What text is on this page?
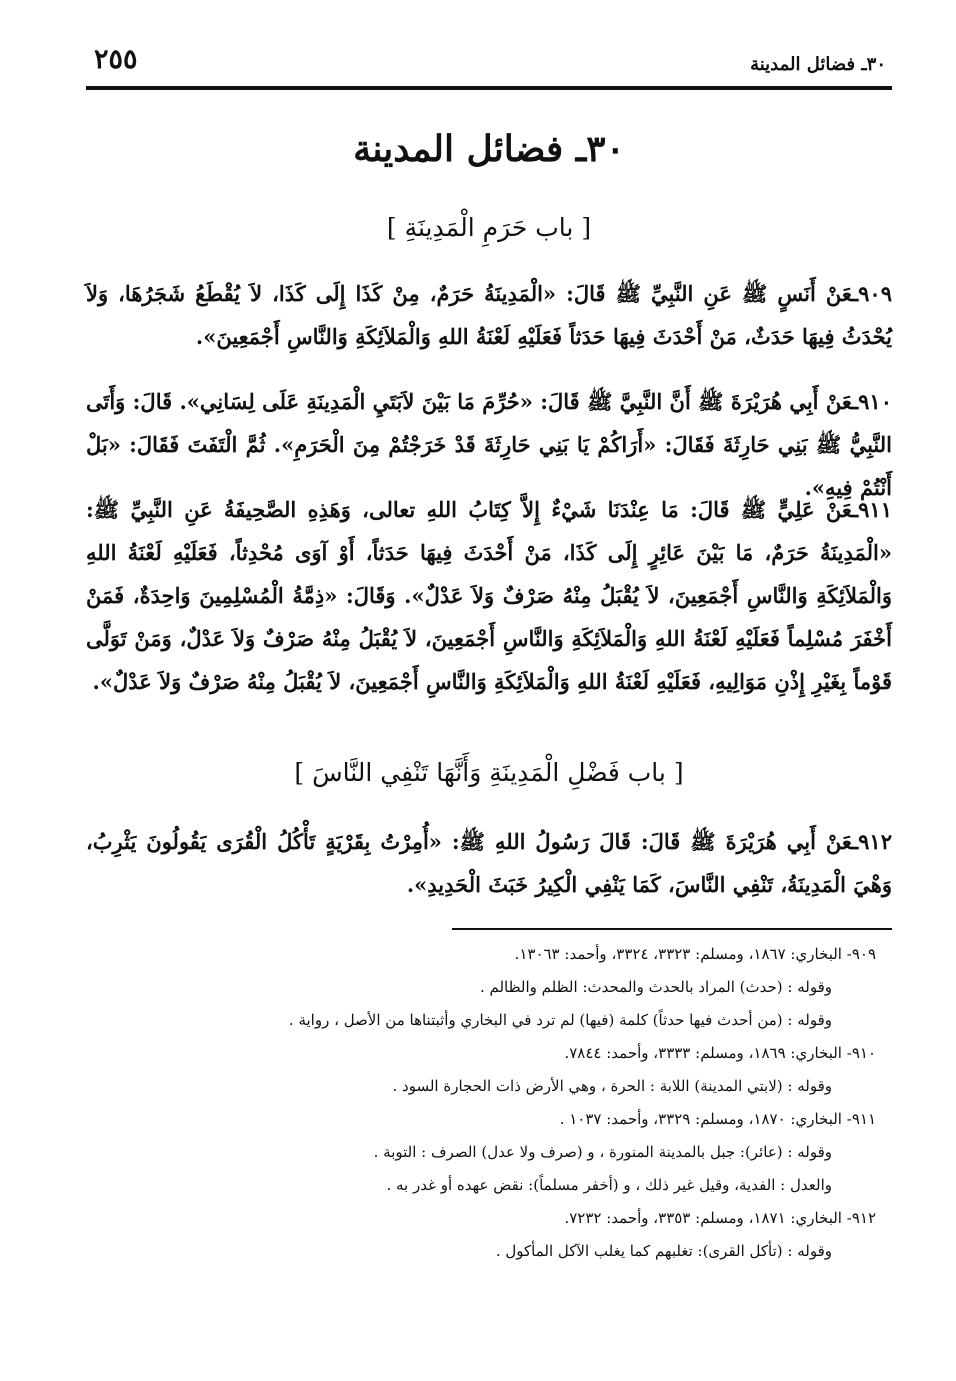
٣٠ـ فضائل المدينة
٢٥٥
٣٠ـ فضائل المدينة
[ باب حَرَمِ الْمَدِينَةِ ]
٩٠٩ـعَنْ أَنَسٍ ﷺ عَنِ النَّبِيِّ ﷺ قَالَ: «الْمَدِينَةُ حَرَمٌ، مِنْ كَذَا إِلَى كَذَا، لاَ يُقْطَعُ شَجَرُهَا، وَلاَ يُحْدَثُ فِيهَا حَدَثٌ، مَنْ أَحْدَثَ فِيهَا حَدَثاً فَعَلَيْهِ لَعْنَةُ اللهِ وَالْمَلاَئِكَةِ وَالنَّاسِ أَجْمَعِينَ».
٩١٠ـعَنْ أَبِي هُرَيْرَةَ ﷺ أَنَّ النَّبِيَّ ﷺ قَالَ: «حُرِّمَ مَا بَيْنَ لاَبَتَيِ الْمَدِينَةِ عَلَى لِسَانِي». قَالَ: وَأَتَى النَّبِيُّ ﷺ بَنِي حَارِثَةَ فَقَالَ: «أَرَاكُمْ يَا بَنِي حَارِثَةَ قَدْ خَرَجْتُمْ مِنَ الْحَرَمِ». ثُمَّ الْتَفَتَ فَقَالَ: «بَلْ أَنْتُمْ فِيهِ».
٩١١ـعَنْ عَلِيٍّ ﷺ قَالَ: مَا عِنْدَنَا شَيْءٌ إِلاَّ كِتَابُ اللهِ تعالى، وَهَذِهِ الصَّحِيفَةُ عَنِ النَّبِيِّ ﷺ: «الْمَدِينَةُ حَرَمٌ، مَا بَيْنَ عَائِرٍ إِلَى كَذَا، مَنْ أَحْدَثَ فِيهَا حَدَثاً، أَوْ آوَى مُحْدِثاً، فَعَلَيْهِ لَعْنَةُ اللهِ وَالْمَلاَئِكَةِ وَالنَّاسِ أَجْمَعِينَ، لاَ يُقْبَلُ مِنْهُ صَرْفٌ وَلاَ عَدْلٌ». وَقَالَ: «ذِمَّةُ الْمُسْلِمِينَ وَاحِدَةٌ، فَمَنْ أَخْفَرَ مُسْلِماً فَعَلَيْهِ لَعْنَةُ اللهِ وَالْمَلاَئِكَةِ وَالنَّاسِ أَجْمَعِينَ، لاَ يُقْبَلُ مِنْهُ صَرْفٌ وَلاَ عَدْلٌ، وَمَنْ تَوَلَّى قَوْماً بِغَيْرِ إِذْنِ مَوَالِيهِ، فَعَلَيْهِ لَعْنَةُ اللهِ وَالْمَلاَئِكَةِ وَالنَّاسِ أَجْمَعِينَ، لاَ يُقْبَلُ مِنْهُ صَرْفٌ وَلاَ عَدْلٌ».
[ باب فَضْلِ الْمَدِينَةِ وَأَنَّهَا تَنْفِي النَّاسَ ]
٩١٢ـعَنْ أَبِي هُرَيْرَةَ ﷺ قَالَ: قَالَ رَسُولُ اللهِ ﷺ: «أُمِرْتُ بِقَرْيَةٍ تَأْكُلُ الْقُرَى يَقُولُونَ يَثْرِبُ، وَهْيَ الْمَدِينَةُ، تَنْفِي النَّاسَ، كَمَا يَنْفِي الْكِيرُ خَبَثَ الْحَدِيدِ».
٩٠٩- البخاري: ١٨٦٧، ومسلم: ٣٣٢٣، ٣٣٢٤، وأحمد: ١٣٠٦٣.
وقوله : (حدث) المراد بالحدث والمحدث: الظلم والظالم .
وقوله : (من أحدث فيها حدثاً) كلمة (فيها) لم ترد في البخاري وأثبتناها من الأصل ، رواية .
٩١٠- البخاري: ١٨٦٩، ومسلم: ٣٣٣٣، وأحمد: ٧٨٤٤.
وقوله : (لابتي المدينة) اللابة : الحرة ، وهي الأرض ذات الحجارة السود .
٩١١- البخاري: ١٨٧٠، ومسلم: ٣٣٢٩، وأحمد: ١٠٣٧ .
وقوله : (عائر): جبل بالمدينة المنورة ، و (صرف ولا عدل) الصرف : التوبة .
والعدل : الفدية، وقيل غير ذلك ، و (أخفر مسلماً): نقض عهده أو غدر به .
٩١٢- البخاري: ١٨٧١، ومسلم: ٣٣٥٣، وأحمد: ٧٢٣٢.
وقوله : (تأكل القرى): تغلبهم كما يغلب الآكل المأكول .
